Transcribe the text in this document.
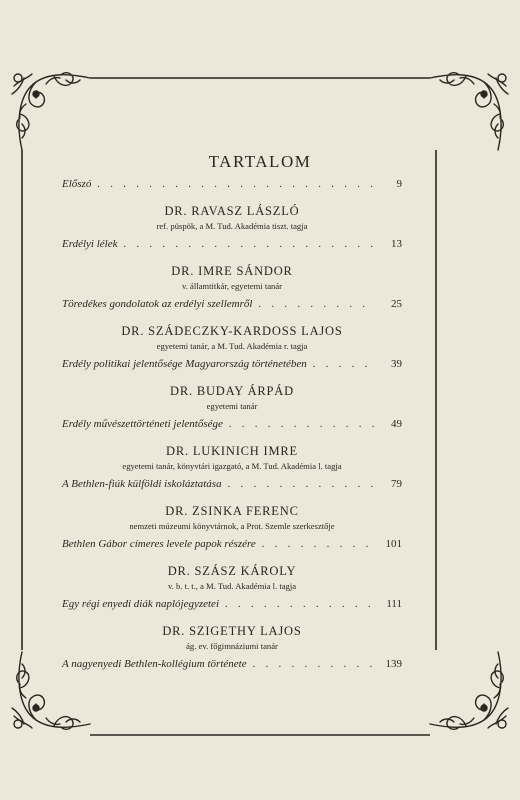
TARTALOM
Előszó . . .	9
DR. RAVASZ LÁSZLÓ
ref. püspök, a M. Tud. Akadémia tiszt. tagja
Erdélyi lélek . . .	13
DR. IMRE SÁNDOR
v. államtitkár, egyetemi tanár
Töredékes gondolatok az erdélyi szellemről . . .	25
DR. SZÁDECZKY-KARDOSS LAJOS
egyetemi tanár, a M. Tud. Akadémia r. tagja
Erdély politikai jelentősége Magyarország történetében . . .	39
DR. BUDAY ÁRPÁD
egyetemi tanár
Erdély művészettörténeti jelentősége . . .	49
DR. LUKINICH IMRE
egyetemi tanár, könyvtári igazgató, a M. Tud. Akadémia l. tagja
A Bethlen-fiúk külföldi iskoláztatása . . .	79
DR. ZSINKA FERENC
nemzeti múzeumi könyvtárnok, a Prot. Szemle szerkesztője
Bethlen Gábor címeres levele papok részére . . .	101
DR. SZÁSZ KÁROLY
v. b. t. t., a M. Tud. Akadémia l. tagja
Egy régi enyedi diák naplójegyzetei . . .	111
DR. SZIGETHY LAJOS
ág. ev. főgimnáziumi tanár
A nagyenyedi Bethlen-kollégium története . . .	139
